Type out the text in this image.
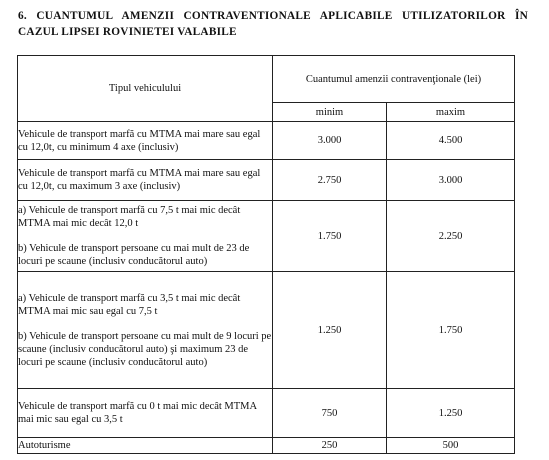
6. CUANTUMUL AMENZII CONTRAVENTIONALE APLICABILE UTILIZATORILOR ÎN
CAZUL LIPSEI ROVINIETEI VALABILE
Tipul vehiculului	Cuantumul amenzii contravenţionale (lei)	
	minim	maxim

Vehicule de transport marfă cu MTMA mai mare sau egal cu 12,0t, cu minimum 4 axe (inclusiv)	3.000	4.500

Vehicule de transport marfă cu MTMA mai mare sau egal cu 12,0t, cu maximum 3 axe (inclusiv)	2.750	3.000

a) Vehicule de transport marfă cu 7,5 t mai mic decât MTMA mai mic decât 12,0 t
b) Vehicule de transport persoane cu mai mult de 23 de locuri pe scaune (inclusiv conducătorul auto)	1.750	2.250

a) Vehicule de transport marfă cu 3,5 t mai mic decât MTMA mai mic sau egal cu 7,5 t
b) Vehicule de transport persoane cu mai mult de 9 locuri pe scaune (inclusiv conducătorul auto) şi maximum 23 de locuri pe scaune (inclusiv conducătorul auto)	1.250	1.750

Vehicule de transport marfă cu 0 t mai mic decât MTMA mai mic sau egal cu 3,5 t	750	1.250

Autoturisme	250	500
